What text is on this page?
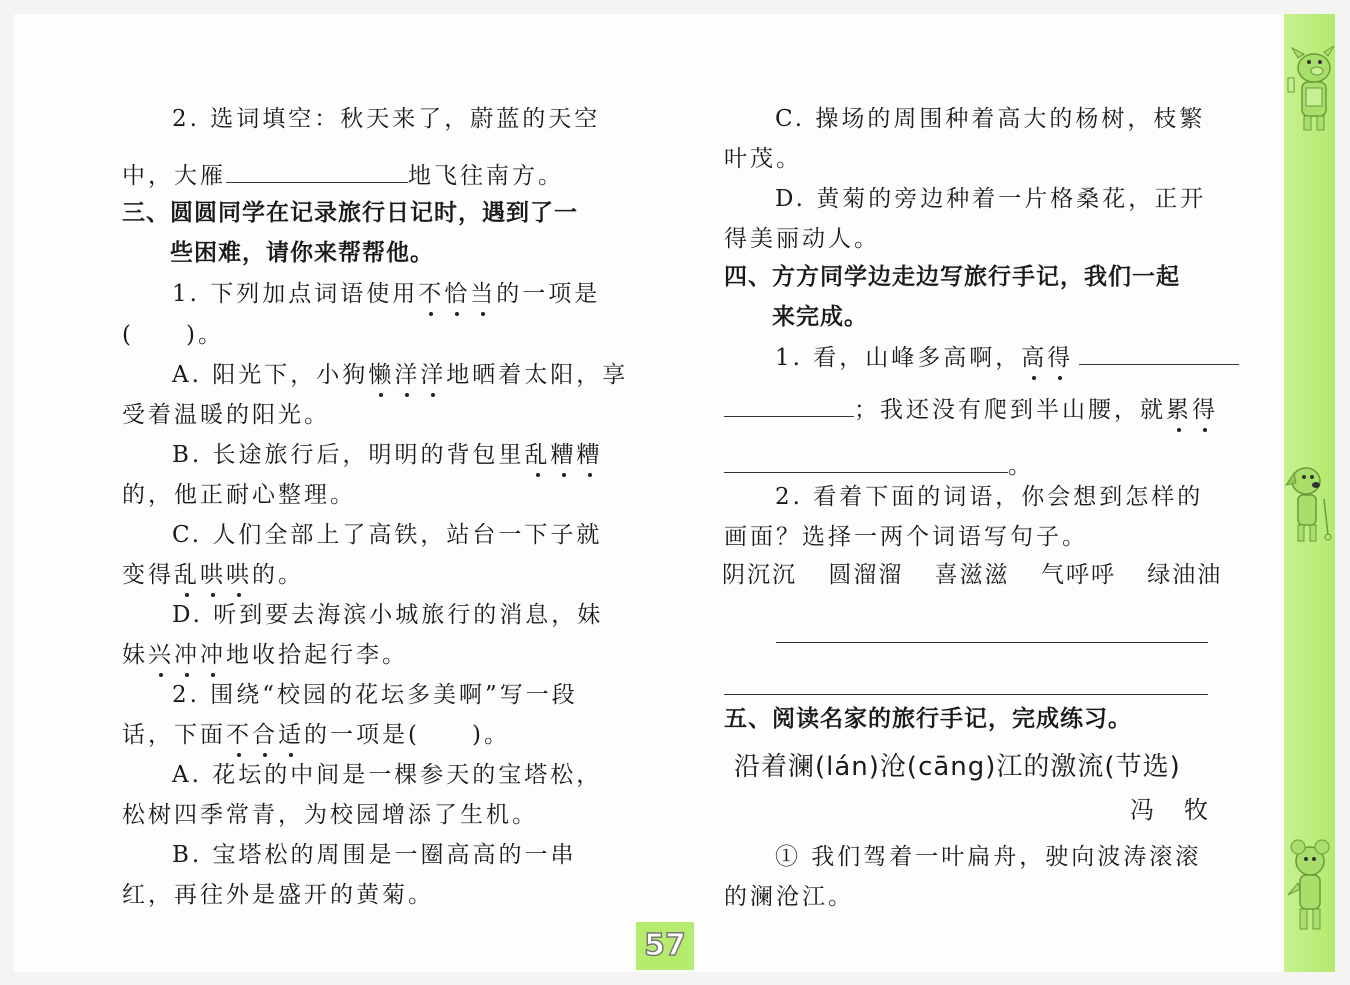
2. 选词填空：秋天来了，蔚蓝的天空
中，大雁	地飞往南方。
三、圆圆同学在记录旅行日记时，遇到了一
些困难，请你来帮帮他。
1. 下列加点词语使用不恰当的一项是
(　　)。
A. 阳光下，小狗懒洋洋地晒着太阳，享
受着温暖的阳光。
B. 长途旅行后，明明的背包里乱糟糟
的，他正耐心整理。
C. 人们全部上了高铁，站台一下子就
变得乱哄哄的。
D. 听到要去海滨小城旅行的消息，妹
妹兴冲冲地收拾起行李。
2. 围绕“校园的花坛多美啊”写一段
话，下面不合适的一项是(　　)。
A. 花坛的中间是一棵参天的宝塔松，
松树四季常青，为校园增添了生机。
B. 宝塔松的周围是一圈高高的一串
红，再往外是盛开的黄菊。
C. 操场的周围种着高大的杨树，枝繁
叶茂。
D. 黄菊的旁边种着一片格桑花，正开
得美丽动人。
四、方方同学边走边写旅行手记，我们一起
来完成。
1. 看，山峰多高啊，高得
；我还没有爬到半山腰，就累得
。
2. 看着下面的词语，你会想到怎样的
画面？选择一两个词语写句子。
阴沉沉 圆溜溜 喜滋滋 气呼呼 绿油油
五、阅读名家的旅行手记，完成练习。
沿着澜(lán)沧(cāng)江的激流(节选)
冯　牧
① 我们驾着一叶扁舟，驶向波涛滚滚
的澜沧江。
57
